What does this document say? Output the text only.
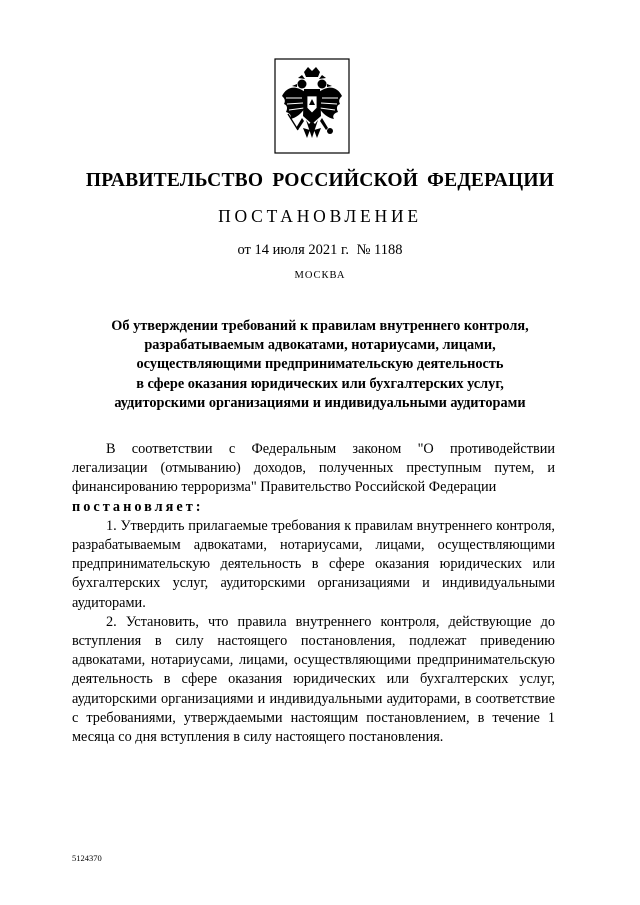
ПРАВИТЕЛЬСТВО РОССИЙСКОЙ ФЕДЕРАЦИИ
ПОСТАНОВЛЕНИЕ
от 14 июля 2021 г. № 1188
МОСКВА
Об утверждении требований к правилам внутреннего контроля,
разрабатываемым адвокатами, нотариусами, лицами,
осуществляющими предпринимательскую деятельность
в сфере оказания юридических или бухгалтерских услуг,
аудиторскими организациями и индивидуальными аудиторами

В соответствии с Федеральным законом "О противодействии легализации (отмыванию) доходов, полученных преступным путем, и финансированию терроризма" Правительство Российской Федерации

постановляет:

1. Утвердить прилагаемые требования к правилам внутреннего контроля, разрабатываемым адвокатами, нотариусами, лицами, осуществляющими предпринимательскую деятельность в сфере оказания юридических или бухгалтерских услуг, аудиторскими организациями и индивидуальными аудиторами.

2. Установить, что правила внутреннего контроля, действующие до вступления в силу настоящего постановления, подлежат приведению адвокатами, нотариусами, лицами, осуществляющими предпринимательскую деятельность в сфере оказания юридических или бухгалтерских услуг, аудиторскими организациями и индивидуальными аудиторами, в соответствие с требованиями, утверждаемыми настоящим постановлением, в течение 1 месяца со дня вступления в силу настоящего постановления.

5124370
